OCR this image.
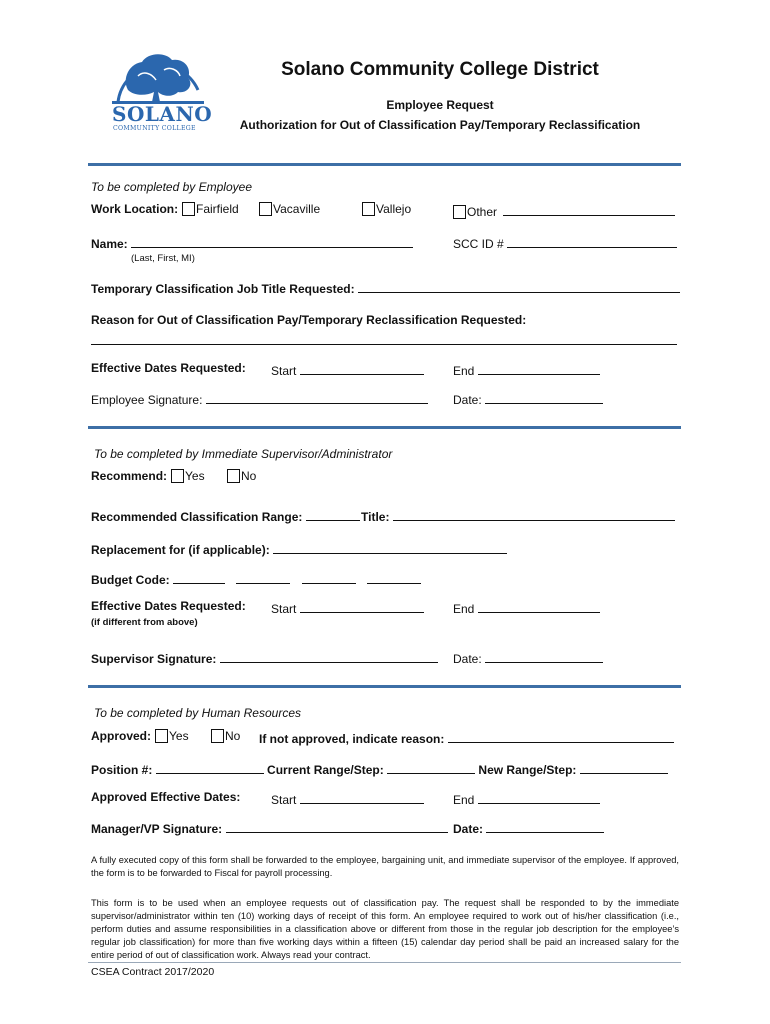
SOLANO
COMMUNITY COLLEGE
Solano Community College District
Employee Request
Authorization for Out of Classification Pay/Temporary Reclassification
To be completed by Employee
Work Location:	Fairfield	Vacaville	Vallejo	Other
Name:	SCC ID #
(Last, First, MI)
Temporary Classification Job Title Requested:
Reason for Out of Classification Pay/Temporary Reclassification Requested:
Effective Dates Requested: Start	End
Employee Signature:	Date:
To be completed by Immediate Supervisor/Administrator
Recommend:	Yes	No
Recommended Classification Range:	Title:
Replacement for (if applicable):
Budget Code:
Effective Dates Requested: Start	End
(if different from above)
Supervisor Signature:	Date:
To be completed by Human Resources
Approved:	Yes	No If not approved, indicate reason:
Position #:	Current Range/Step:	New Range/Step:
Approved Effective Dates:	Start	End
Manager/VP Signature:	Date:
A fully executed copy of this form shall be forwarded to the employee, bargaining unit, and immediate supervisor of the employee. If approved, the form is to be forwarded to Fiscal for payroll processing.
This form is to be used when an employee requests out of classification pay. The request shall be responded to by the immediate supervisor/administrator within ten (10) working days of receipt of this form. An employee required to work out of his/her classification (i.e., perform duties and assume responsibilities in a classification above or different from those in the regular job description for the employee’s regular job classification) for more than five working days within a fifteen (15) calendar day period shall be paid an increased salary for the entire period of out of classification work. Always read your contract.
CSEA Contract 2017/2020
